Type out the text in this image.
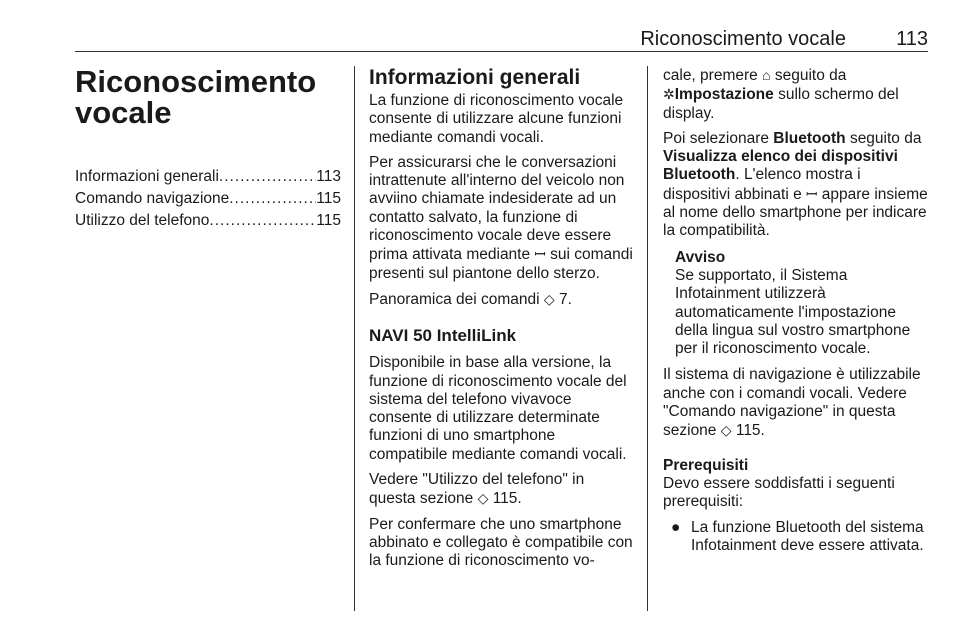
Riconoscimento vocale	113
Riconoscimento vocale
Informazioni generali .....	113
Comando navigazione .....	115
Utilizzo del telefono .....	115
Informazioni generali

La funzione di riconoscimento vocale consente di utilizzare alcune funzioni mediante comandi vocali.

Per assicurarsi che le conversazioni intrattenute all'interno del veicolo non avviino chiamate indesiderate ad un contatto salvato, la funzione di riconoscimento vocale deve essere prima attivata mediante ꟷ sui comandi presenti sul piantone dello sterzo.

Panoramica dei comandi ◇ 7.

NAVI 50 IntelliLink

Disponibile in base alla versione, la funzione di riconoscimento vocale del sistema del telefono vivavoce consente di utilizzare determinate funzioni di uno smartphone compatibile mediante comandi vocali.

Vedere "Utilizzo del telefono" in questa sezione ◇ 115.

Per confermare che uno smartphone abbinato e collegato è compatibile con la funzione di riconoscimento vo-

cale, premere ⌂ seguito da ✲Impostazione sullo schermo del display.

Poi selezionare Bluetooth seguito da Visualizza elenco dei dispositivi Bluetooth. L'elenco mostra i dispositivi abbinati e ꟷ appare insieme al nome dello smartphone per indicare la compatibilità.

Avviso
Se supportato, il Sistema Infotainment utilizzerà automaticamente l'impostazione della lingua sul vostro smartphone per il riconoscimento vocale.

Il sistema di navigazione è utilizzabile anche con i comandi vocali. Vedere "Comando navigazione" in questa sezione ◇ 115.

Prerequisiti

Devo essere soddisfatti i seguenti prerequisiti:

● La funzione Bluetooth del sistema Infotainment deve essere attivata.
